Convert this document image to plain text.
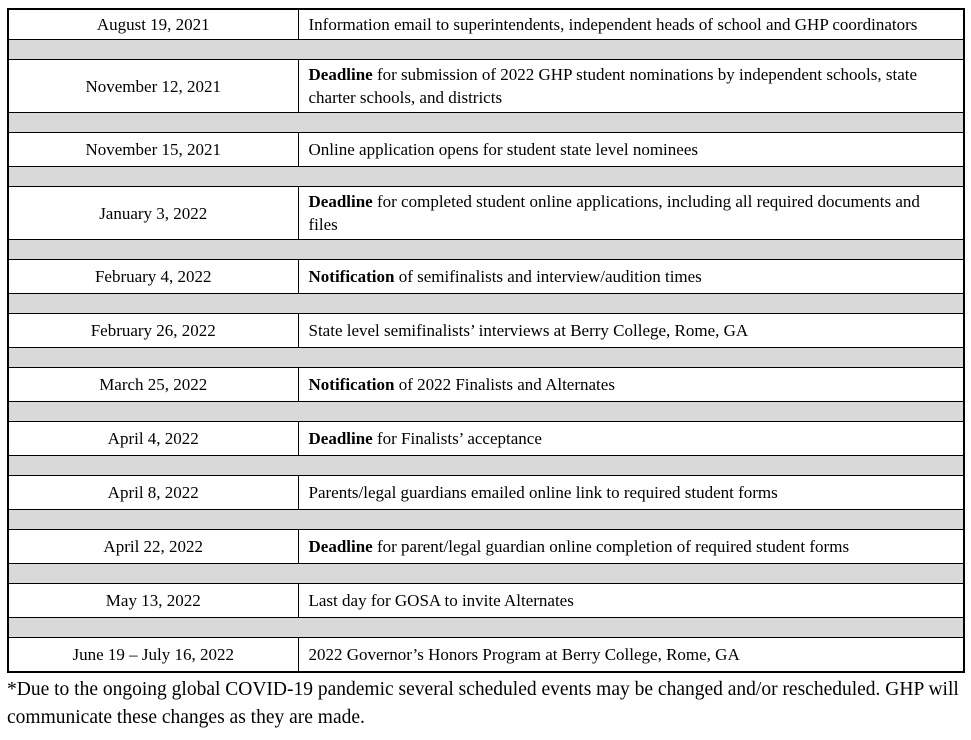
August 19, 2021	Information email to superintendents, independent heads of school and GHP coordinators

November 12, 2021	Deadline for submission of 2022 GHP student nominations by independent schools, state charter schools, and districts

November 15, 2021	Online application opens for student state level nominees

January 3, 2022	Deadline for completed student online applications, including all required documents and files

February 4, 2022	Notification of semifinalists and interview/audition times

February 26, 2022	State level semifinalists’ interviews at Berry College, Rome, GA

March 25, 2022	Notification of 2022 Finalists and Alternates

April 4, 2022	Deadline for Finalists’ acceptance

April 8, 2022	Parents/legal guardians emailed online link to required student forms

April 22, 2022	Deadline for parent/legal guardian online completion of required student forms

May 13, 2022	Last day for GOSA to invite Alternates

June 19 – July 16, 2022	2022 Governor’s Honors Program at Berry College, Rome, GA
*Due to the ongoing global COVID-19 pandemic several scheduled events may be changed and/or rescheduled. GHP will communicate these changes as they are made.
